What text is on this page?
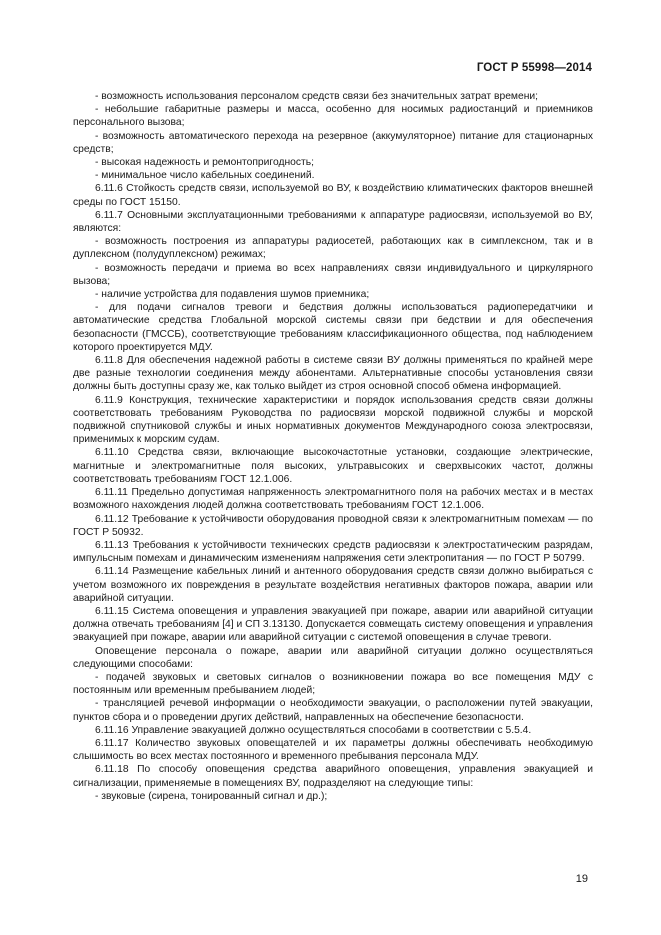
ГОСТ Р 55998—2014

- возможность использования персоналом средств связи без значительных затрат времени;

- небольшие габаритные размеры и масса, особенно для носимых радиостанций и приемников персонального вызова;

- возможность автоматического перехода на резервное (аккумуляторное) питание для стационарных средств;

- высокая надежность и ремонтопригодность;

- минимальное число кабельных соединений.

6.11.6 Стойкость средств связи, используемой во ВУ, к воздействию климатических факторов внешней среды по ГОСТ 15150.

6.11.7 Основными эксплуатационными требованиями к аппаратуре радиосвязи, используемой во ВУ, являются:

- возможность построения из аппаратуры радиосетей, работающих как в симплексном, так и в дуплексном (полудуплексном) режимах;

- возможность передачи и приема во всех направлениях связи индивидуального и циркулярного вызова;

- наличие устройства для подавления шумов приемника;

- для подачи сигналов тревоги и бедствия должны использоваться радиопередатчики и автоматические средства Глобальной морской системы связи при бедствии и для обеспечения безопасности (ГМССБ), соответствующие требованиям классификационного общества, под наблюдением которого проектируется МДУ.

6.11.8 Для обеспечения надежной работы в системе связи ВУ должны применяться по крайней мере две разные технологии соединения между абонентами. Альтернативные способы установления связи должны быть доступны сразу же, как только выйдет из строя основной способ обмена информацией.

6.11.9 Конструкция, технические характеристики и порядок использования средств связи должны соответствовать требованиям Руководства по радиосвязи морской подвижной службы и морской подвижной спутниковой службы и иных нормативных документов Международного союза электросвязи, применимых к морским судам.

6.11.10 Средства связи, включающие высокочастотные установки, создающие электрические, магнитные и электромагнитные поля высоких, ультравысоких и сверхвысоких частот, должны соответствовать требованиям ГОСТ 12.1.006.

6.11.11 Предельно допустимая напряженность электромагнитного поля на рабочих местах и в местах возможного нахождения людей должна соответствовать требованиям ГОСТ 12.1.006.

6.11.12 Требование к устойчивости оборудования проводной связи к электромагнитным помехам — по ГОСТ Р 50932.

6.11.13 Требования к устойчивости технических средств радиосвязи к электростатическим разрядам, импульсным помехам и динамическим изменениям напряжения сети электропитания — по ГОСТ Р 50799.

6.11.14 Размещение кабельных линий и антенного оборудования средств связи должно выбираться с учетом возможного их повреждения в результате воздействия негативных факторов пожара, аварии или аварийной ситуации.

6.11.15 Система оповещения и управления эвакуацией при пожаре, аварии или аварийной ситуации должна отвечать требованиям [4] и СП 3.13130. Допускается совмещать систему оповещения и управления эвакуацией при пожаре, аварии или аварийной ситуации с системой оповещения в случае тревоги.

Оповещение персонала о пожаре, аварии или аварийной ситуации должно осуществляться следующими способами:

- подачей звуковых и световых сигналов о возникновении пожара во все помещения МДУ с постоянным или временным пребыванием людей;

- трансляцией речевой информации о необходимости эвакуации, о расположении путей эвакуации, пунктов сбора и о проведении других действий, направленных на обеспечение безопасности.

6.11.16 Управление эвакуацией должно осуществляться способами в соответствии с 5.5.4.

6.11.17 Количество звуковых оповещателей и их параметры должны обеспечивать необходимую слышимость во всех местах постоянного и временного пребывания персонала МДУ.

6.11.18 По способу оповещения средства аварийного оповещения, управления эвакуацией и сигнализации, применяемые в помещениях ВУ, подразделяют на следующие типы:

- звуковые (сирена, тонированный сигнал и др.);

19
